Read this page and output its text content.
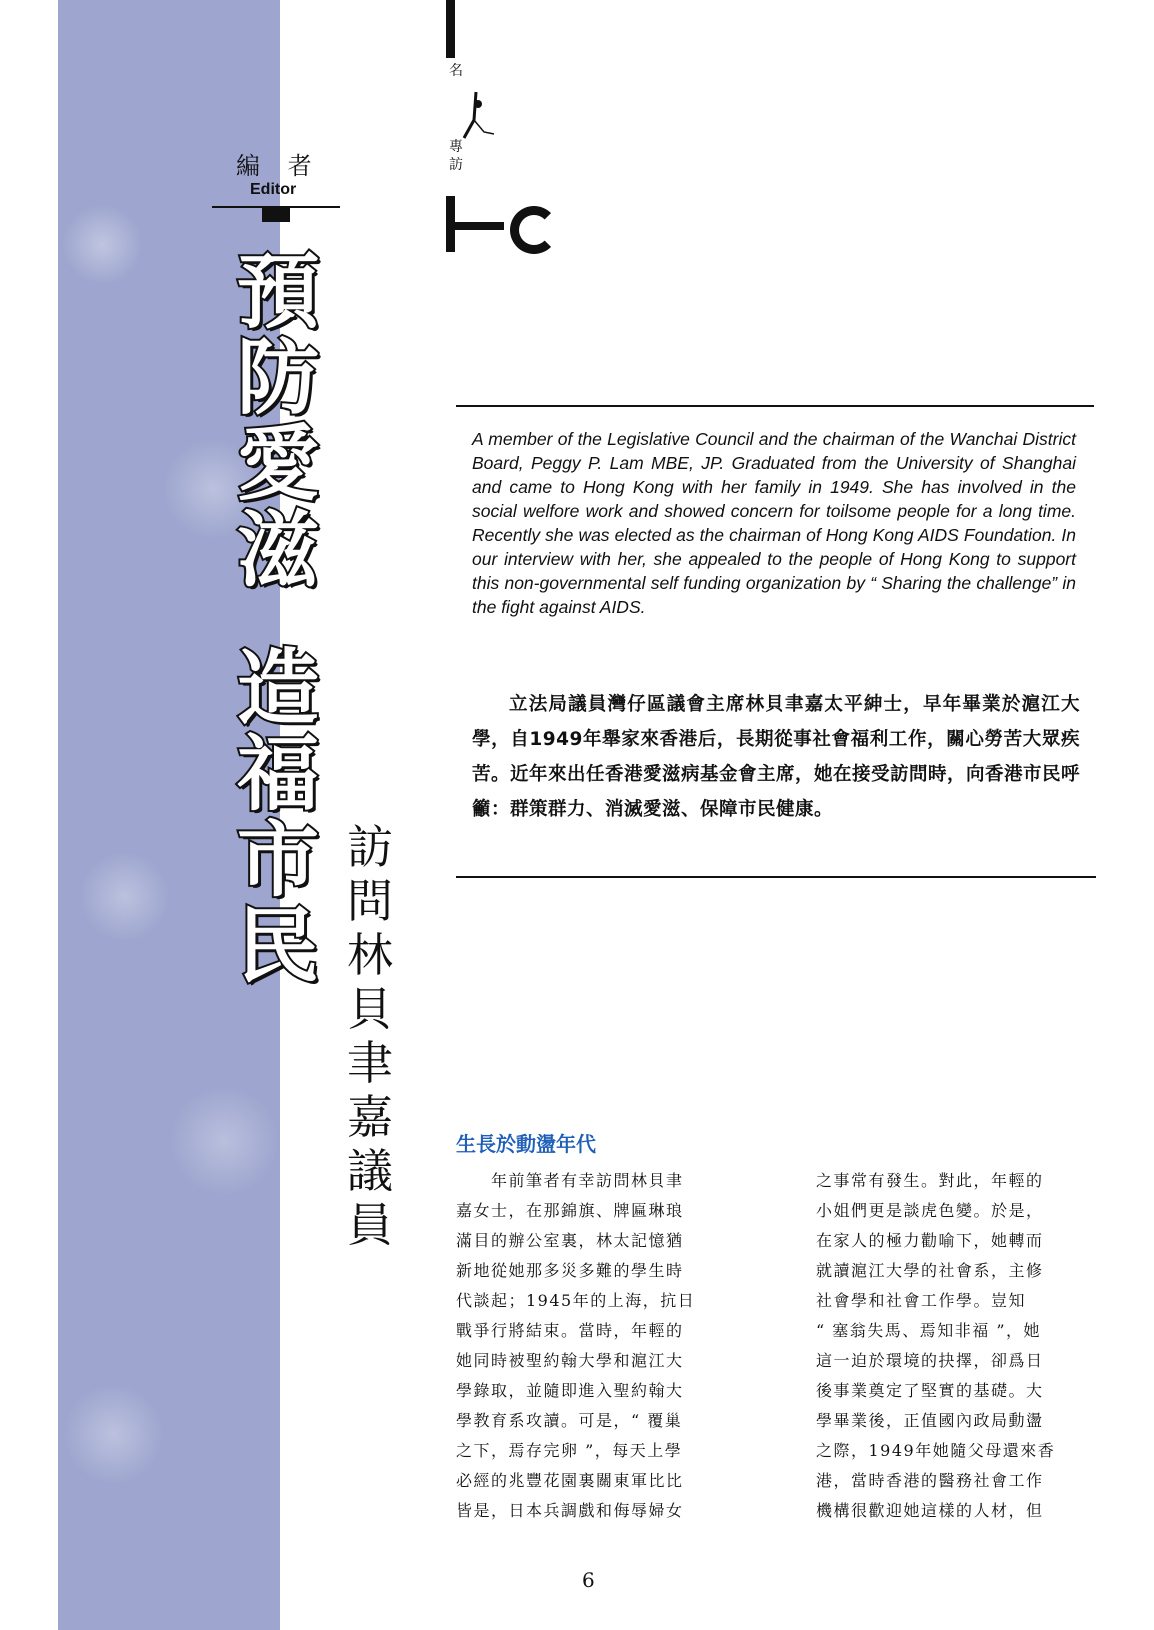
編 者
Editor
預
防
愛
滋
造
福
市
民
訪
問
林
貝
聿
嘉
議
員
名
專
訪
A member of the Legislative Council and the chairman of the Wanchai District Board, Peggy P. Lam MBE, JP. Graduated from the University of Shanghai and came to Hong Kong with her family in 1949. She has involved in the social welfore work and showed concern for toilsome people for a long time. Recently she was elected as the chairman of Hong Kong AIDS Foundation. In our interview with her, she appealed to the people of Hong Kong to support this non-governmental self funding organization by “ Sharing the challenge” in the fight against AIDS.

立法局議員灣仔區議會主席林貝聿嘉太平紳士，早年畢業於滬江大學，自1949年舉家來香港后，長期從事社會福利工作，關心勞苦大眾疾苦。近年來出任香港愛滋病基金會主席，她在接受訪問時，向香港市民呼籲：群策群力、消滅愛滋、保障市民健康。

生長於動盪年代
　　年前筆者有幸訪問林貝聿
嘉女士，在那錦旗、牌匾琳琅
滿目的辦公室裏，林太記憶猶
新地從她那多災多難的學生時
代談起；1945年的上海，抗日
戰爭行將結束。當時，年輕的
她同時被聖約翰大學和滬江大
學錄取，並隨即進入聖約翰大
學教育系攻讀。可是，“ 覆巢
之下，焉存完卵 ”，每天上學
必經的兆豐花園裏關東軍比比
皆是，日本兵調戲和侮辱婦女
之事常有發生。對此，年輕的
小姐們更是談虎色變。於是，
在家人的極力勸喻下，她轉而
就讀滬江大學的社會系，主修
社會學和社會工作學。豈知
“ 塞翁失馬、焉知非福 ”，她
這一迫於環境的抉擇，卻爲日
後事業奠定了堅實的基礎。大
學畢業後，正值國內政局動盪
之際，1949年她隨父母還來香
港，當時香港的醫務社會工作
機構很歡迎她這樣的人材，但
6
